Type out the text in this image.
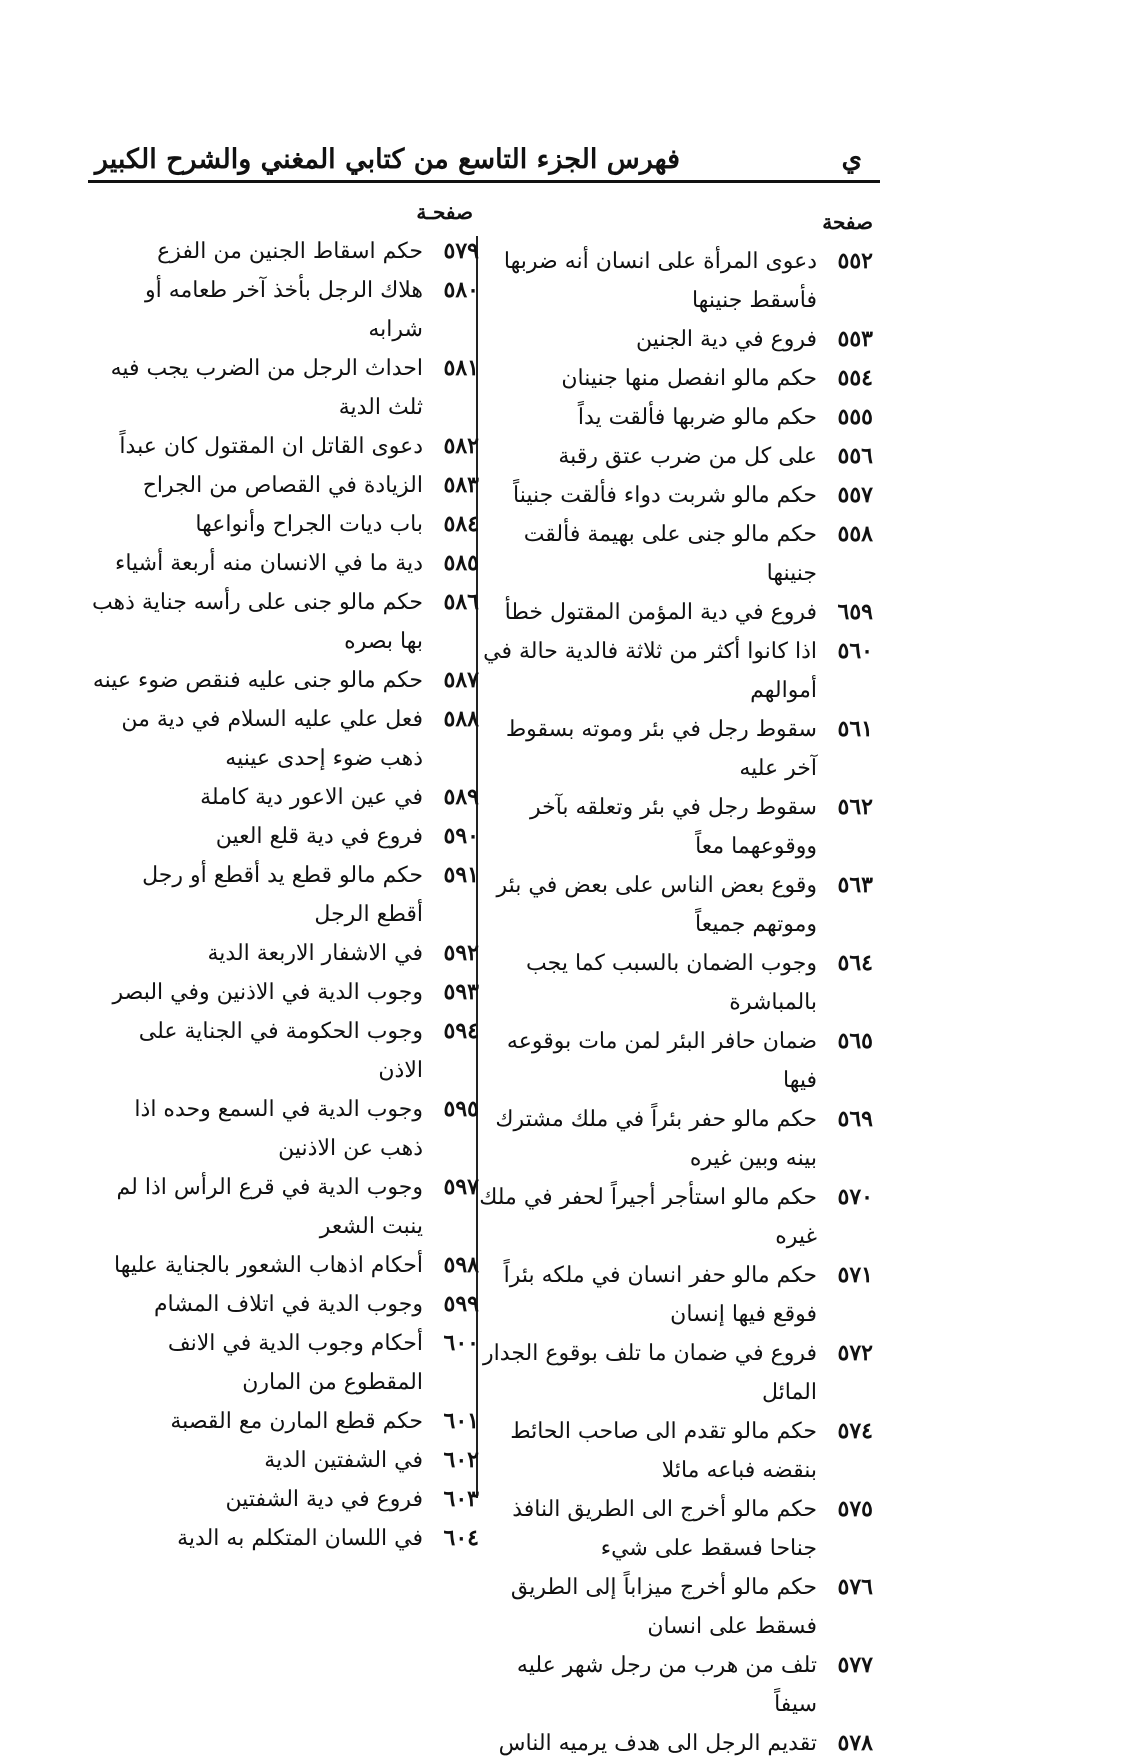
ي
فهرس الجزء التاسع من كتابي المغني والشرح الكبير
صفحة
صفحـة
٥٥٢
دعوى المرأة على انسان أنه ضربها فأسقط جنينها
٥٥٣
فروع في دية الجنين
٥٥٤
حكم مالو انفصل منها جنينان
٥٥٥
حكم مالو ضربها فألقت يداً
٥٥٦
على كل من ضرب عتق رقبة
٥٥٧
حكم مالو شربت دواء فألقت جنيناً
٥٥٨
حكم مالو جنى على بهيمة فألقت جنينها
٦٥٩
فروع في دية المؤمن المقتول خطأ
٥٦٠
اذا كانوا أكثر من ثلاثة فالدية حالة في أموالهم
٥٦١
سقوط رجل في بئر وموته بسقوط آخر عليه
٥٦٢
سقوط رجل في بئر وتعلقه بآخر ووقوعهما معاً
٥٦٣
وقوع بعض الناس على بعض في بئر وموتهم جميعاً
٥٦٤
وجوب الضمان بالسبب كما يجب بالمباشرة
٥٦٥
ضمان حافر البئر لمن مات بوقوعه فيها
٥٦٩
حكم مالو حفر بئراً في ملك مشترك بينه وبين غيره
٥٧٠
حكم مالو استأجر أجيراً لحفر في ملك غيره
٥٧١
حكم مالو حفر انسان في ملكه بئراً فوقع فيها إنسان
٥٧٢
فروع في ضمان ما تلف بوقوع الجدار المائل
٥٧٤
حكم مالو تقدم الى صاحب الحائط بنقضه فباعه مائلا
٥٧٥
حكم مالو أخرج الى الطريق النافذ جناحا فسقط على شيء
٥٧٦
حكم مالو أخرج ميزاباً إلى الطريق فسقط على انسان
٥٧٧
تلف من هرب من رجل شهر عليه سيفاً
٥٧٨
تقديم الرجل الى هدف يرميه الناس
٥٧٩
حكم اسقاط الجنين من الفزع
٥٨٠
هلاك الرجل بأخذ آخر طعامه أو شرابه
٥٨١
احداث الرجل من الضرب يجب فيه ثلث الدية
٥٨٢
دعوى القاتل ان المقتول كان عبداً
٥٨٣
الزيادة في القصاص من الجراح
٥٨٤
باب ديات الجراح وأنواعها
٥٨٥
دية ما في الانسان منه أربعة أشياء
٥٨٦
حكم مالو جنى على رأسه جناية ذهب بها بصره
٥٨٧
حكم مالو جنى عليه فنقص ضوء عينه
٥٨٨
فعل علي عليه السلام في دية من ذهب ضوء إحدى عينيه
٥٨٩
في عين الاعور دية كاملة
٥٩٠
فروع في دية قلع العين
٥٩١
حكم مالو قطع يد أقطع أو رجل أقطع الرجل
٥٩٢
في الاشفار الاربعة الدية
٥٩٣
وجوب الدية في الاذنين وفي البصر
٥٩٤
وجوب الحكومة في الجناية على الاذن
٥٩٥
وجوب الدية في السمع وحده اذا ذهب عن الاذنين
٥٩٧
وجوب الدية في قرع الرأس اذا لم ينبت الشعر
٥٩٨
أحكام اذهاب الشعور بالجناية عليها
٥٩٩
وجوب الدية في اتلاف المشام
٦٠٠
أحكام وجوب الدية في الانف المقطوع من المارن
٦٠١
حكم قطع المارن مع القصبة
٦٠٢
في الشفتين الدية
٦٠٣
فروع في دية الشفتين
٦٠٤
في اللسان المتكلم به الدية
